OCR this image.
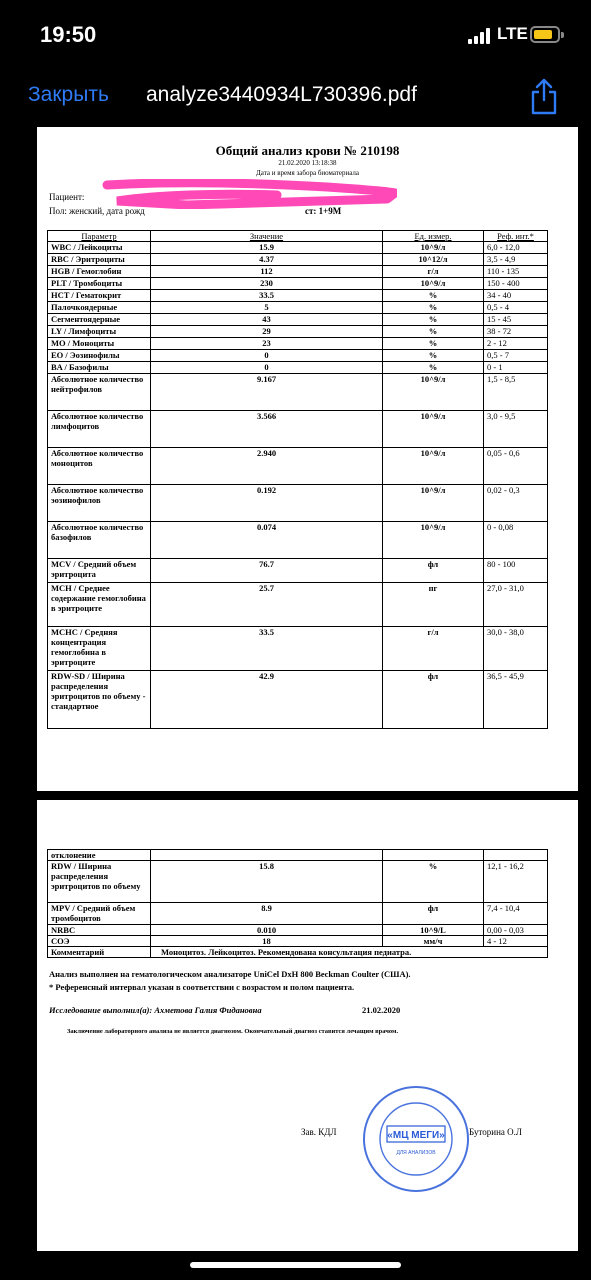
19:50	LTE
Закрыть analyze3440934L730396.pdf
Общий анализ крови № 210198
21.02.2020 13:18:38
Дата и время забора биоматериала
Пациент:
Пол: женский, дата рожд	ст: 1+9М
Параметр	Значение	Ед. измер.	Реф. инт.*
WBC / Лейкоциты	15.9	10^9/л	6,0 - 12,0
RBC / Эритроциты	4.37	10^12/л	3,5 - 4,9
HGB / Гемоглобин	112	г/л	110 - 135
PLT / Тромбоциты	230	10^9/л	150 - 400
HCT / Гематокрит	33.5	%	34 - 40
Палочкоядерные	5	%	0,5 - 4
Сегментоядерные	43	%	15 - 45
LY / Лимфоциты	29	%	38 - 72
MO / Моноциты	23	%	2 - 12
EO / Эозинофилы	0	%	0,5 - 7
BA / Базофилы	0	%	0 - 1
Абсолютное количество нейтрофилов	9.167	10^9/л	1,5 - 8,5
Абсолютное количество лимфоцитов	3.566	10^9/л	3,0 - 9,5
Абсолютное количество моноцитов	2.940	10^9/л	0,05 - 0,6
Абсолютное количество эозинофилов	0.192	10^9/л	0,02 - 0,3
Абсолютное количество базофилов	0.074	10^9/л	0 - 0,08
MCV / Средний объем эритроцита	76.7	фл	80 - 100
MCH / Среднее содержание гемоглобина в эритроците	25.7	пг	27,0 - 31,0
MCHC / Средняя концентрация гемоглобина в эритроците	33.5	г/л	30,0 - 38,0
RDW-SD / Ширина распределения эритроцитов по объему - стандартное	42.9	фл	36,5 - 45,9
отклонение			
RDW / Ширина распределения эритроцитов по объему	15.8	%	12,1 - 16,2
MPV / Средний объем тромбоцитов	8.9	фл	7,4 - 10,4
NRBC	0.010	10^9/L	0,00 - 0,03
СОЭ	18	мм/ч	4 - 12
Комментарий	Моноцитоз. Лейкоцитоз. Рекомендована консультация педиатра.		
Анализ выполнен на гематологическом анализаторе UniCel DxH 800 Beckman Coulter (США).
* Референсный интервал указан в соответствии с возрастом и полом пациента.
Исследование выполнил(а): Ахметова Галия Фидановна	21.02.2020
Заключение лабораторного анализа не является диагнозом. Окончательный диагноз ставится лечащим врачом.
Зав. КДЛ	Буторина О.Л
«МЦ МЕГИ»
ДЛЯ АНАЛИЗОВ
